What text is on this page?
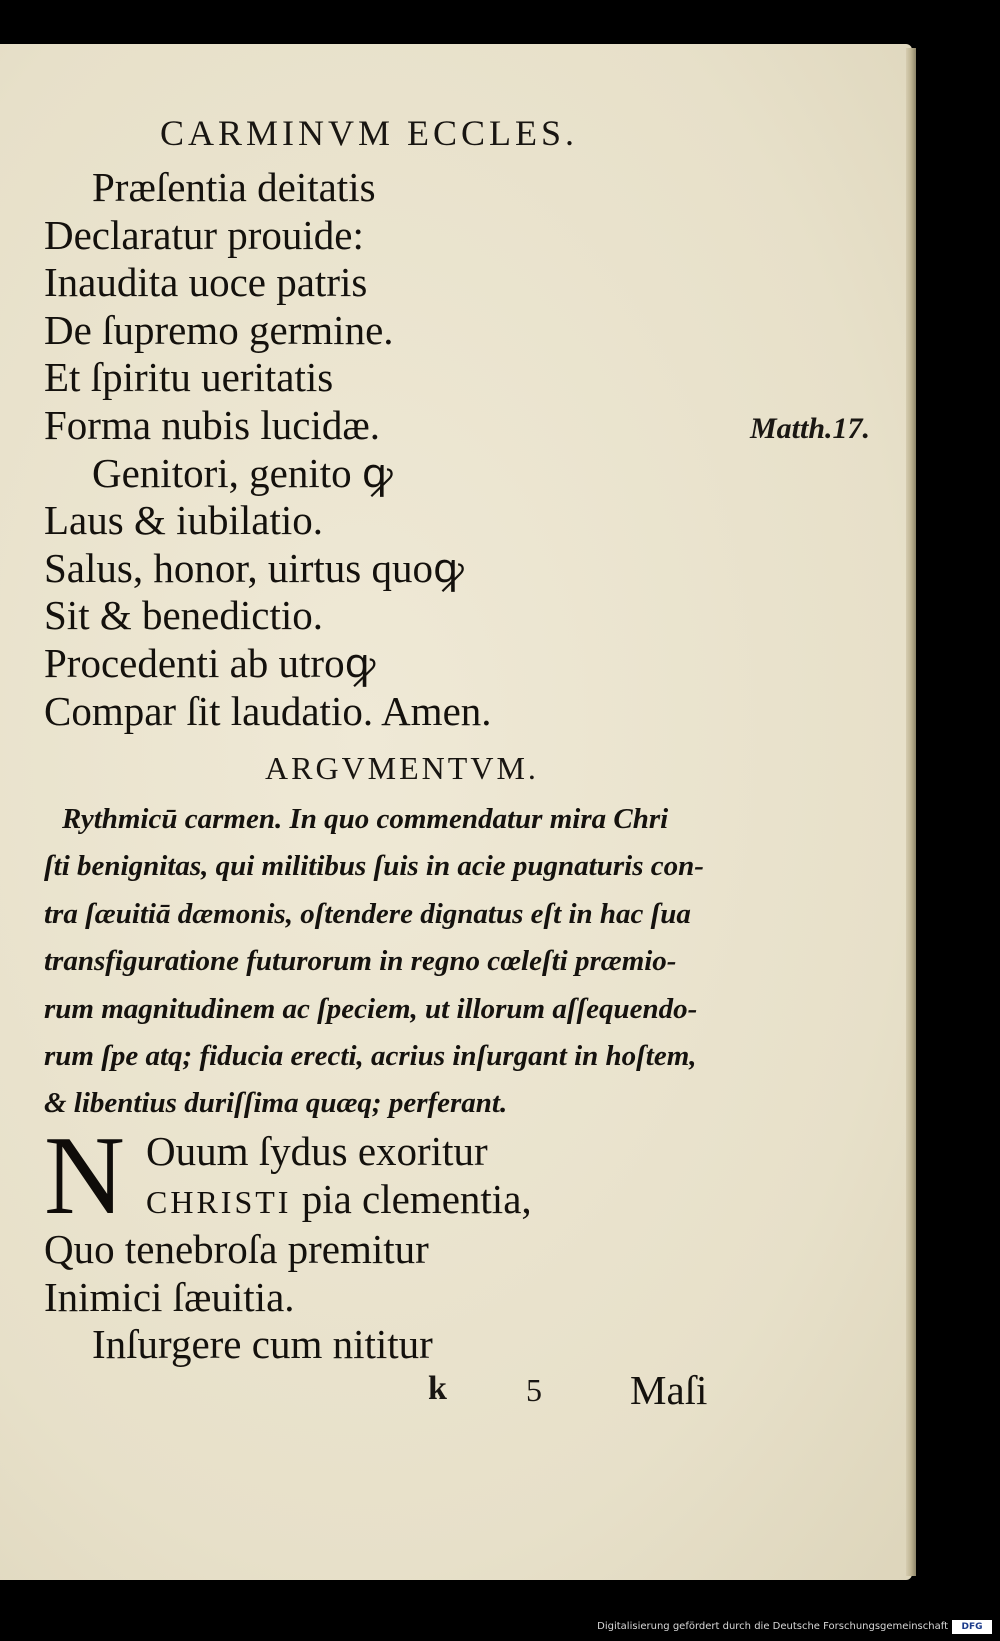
CARMINVM ECCLES.
Præſentia deitatis
Declaratur prouide:
Inaudita uoce patris
De ſupremo germine.
Et ſpiritu ueritatis
Forma nubis lucidæ.
Genitori, genito ꝙ
Laus & iubilatio.
Salus, honor, uirtus quoꝙ
Sit & benedictio.
Procedenti ab utroꝙ
Compar ſit laudatio. Amen.
Matth.17.
ARGVMENTVM.
Rythmicū carmen. In quo commendatur mira Chri
ſti benignitas, qui militibus ſuis in acie pugnaturis con-
tra ſæuitiā dæmonis, oſtendere dignatus eſt in hac ſua
transfiguratione futurorum in regno cœleſti præmio-
rum magnitudinem ac ſpeciem, ut illorum aſſequendo-
rum ſpe atq; fiducia erecti, acrius inſurgant in hoſtem,
& libentius duriſſima quæq; perferant.
N Ouum ſydus exoritur
CHRISTI pia clementia,
Quo tenebroſa premitur
Inimici ſæuitia.
Inſurgere cum nititur
k 5 Maſi
Digitalisierung gefördert durch die Deutsche Forschungsgemeinschaft	DFG
